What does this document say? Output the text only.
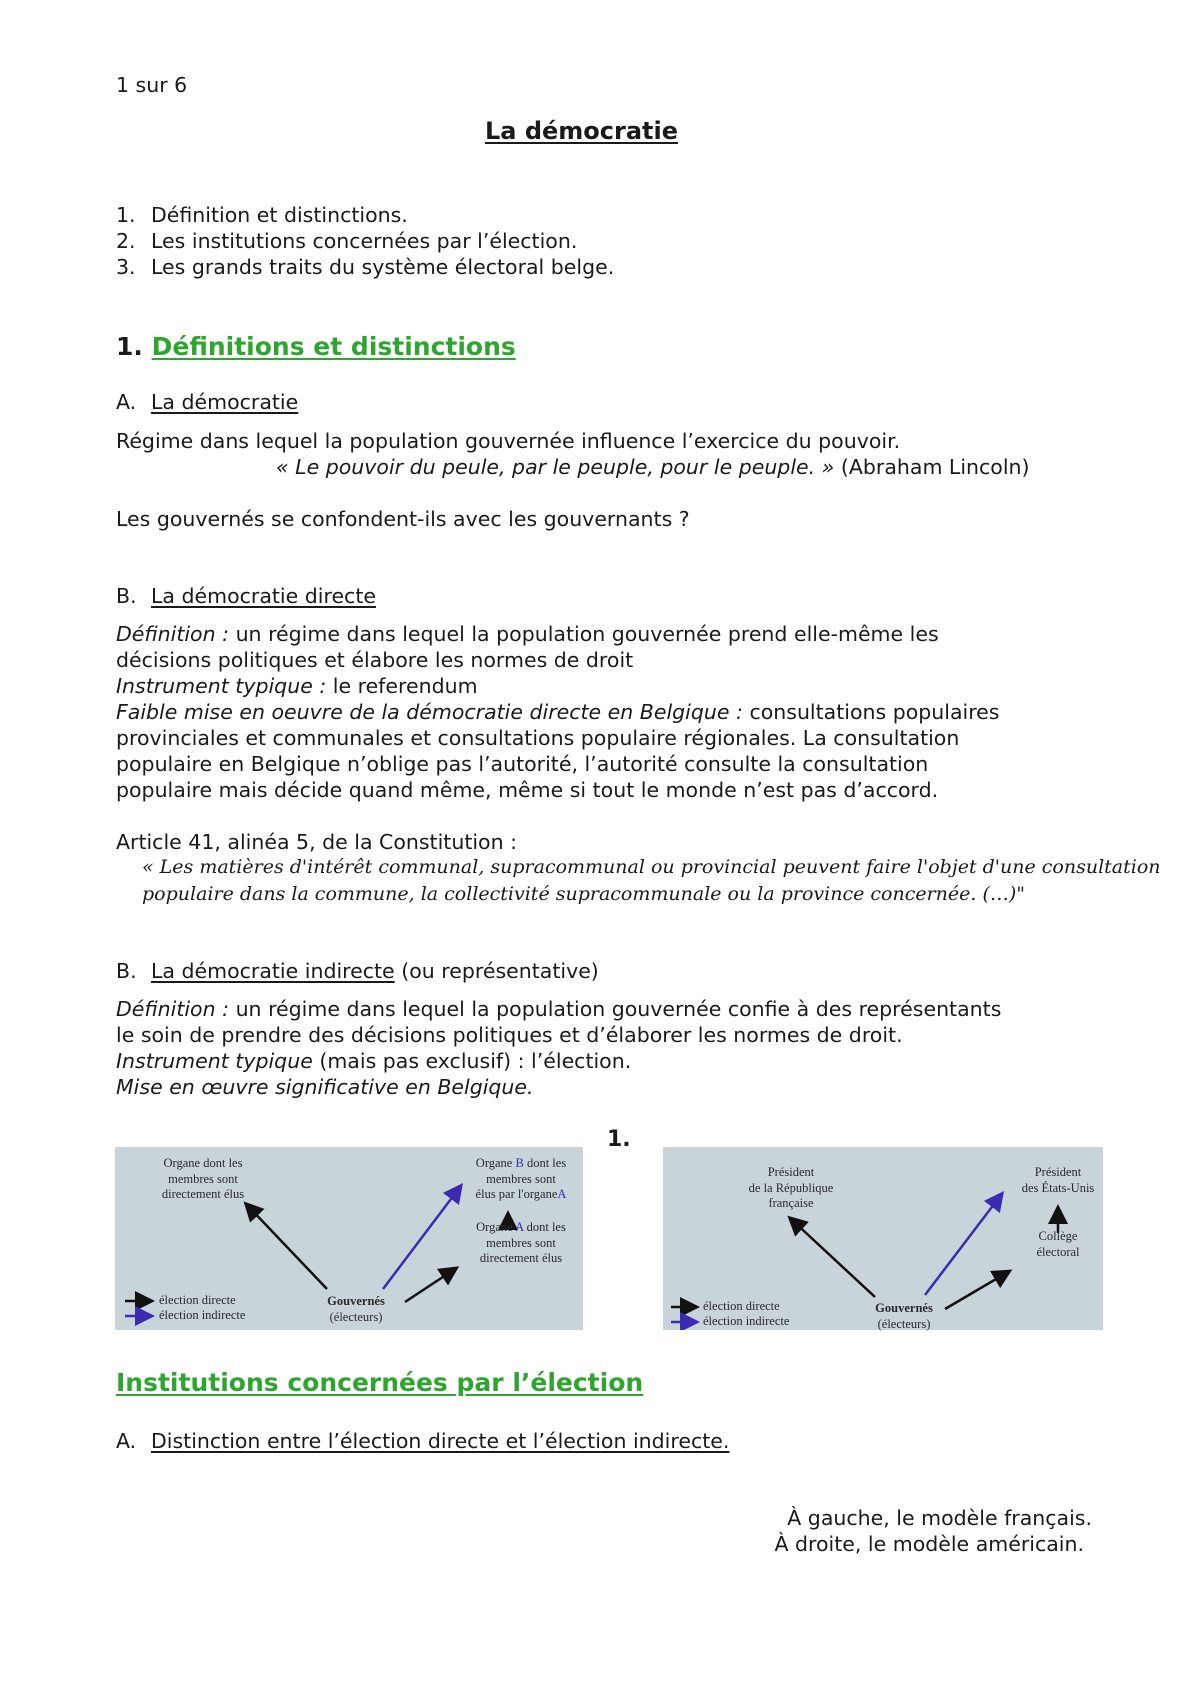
1 sur 6
La démocratie
1. Définition et distinctions.
2. Les institutions concernées par l’élection.
3. Les grands traits du système électoral belge.
1. Définitions et distinctions
A. La démocratie
Régime dans lequel la population gouvernée influence l’exercice du pouvoir.
« Le pouvoir du peule, par le peuple, pour le peuple. » (Abraham Lincoln)
Les gouvernés se confondent-ils avec les gouvernants ?
B. La démocratie directe
Définition : un régime dans lequel la population gouvernée prend elle-même les
décisions politiques et élabore les normes de droit
Instrument typique : le referendum
Faible mise en oeuvre de la démocratie directe en Belgique : consultations populaires
provinciales et communales et consultations populaire régionales. La consultation
populaire en Belgique n’oblige pas l’autorité, l’autorité consulte la consultation
populaire mais décide quand même, même si tout le monde n’est pas d’accord.
Article 41, alinéa 5, de la Constitution :
« Les matières d'intérêt communal, supracommunal ou provincial peuvent faire l'objet d'une consultation
populaire dans la commune, la collectivité supracommunale ou la province concernée. (…)"
B. La démocratie indirecte (ou représentative)
Définition : un régime dans lequel la population gouvernée confie à des représentants
le soin de prendre des décisions politiques et d’élaborer les normes de droit.
Instrument typique (mais pas exclusif) : l’élection.
Mise en œuvre significative en Belgique.
1.
Organe dont les
membres sont
directement élus
Organe B dont les
membres sont
élus par l'organeA
Organe A dont les
membres sont
directement élus
Gouvernés
(électeurs)
élection directe
élection indirecte
Président
de la République
française
Président
des États-Unis
Collège
électoral
Gouvernés
(électeurs)
élection directe
élection indirecte
Institutions concernées par l’élection
A. Distinction entre l’élection directe et l’élection indirecte.
À gauche, le modèle français.
À droite, le modèle américain.
